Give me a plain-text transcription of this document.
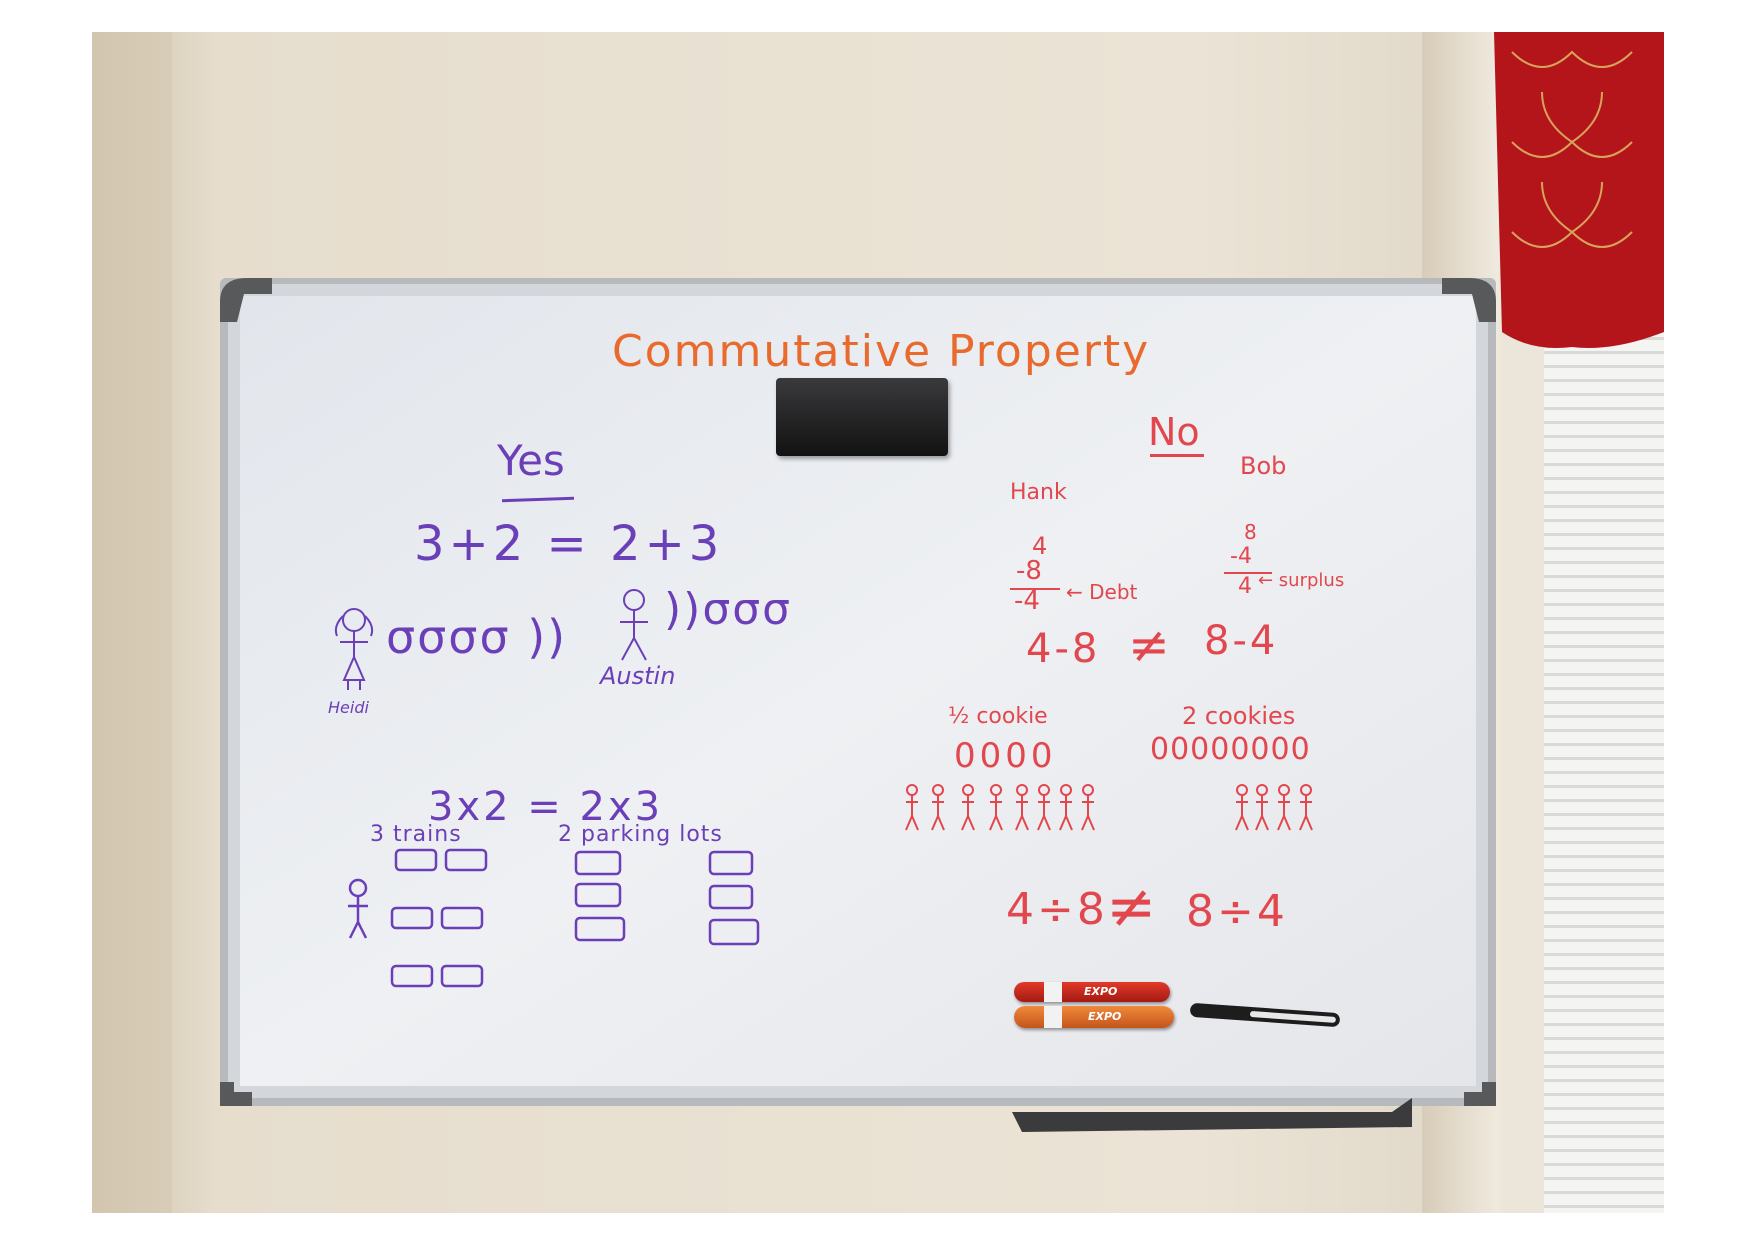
Commutative Property
Yes
3+2 = 2+3
Heidi
σσσσ ))
Austin
))σσσ
3x2 = 2x3
3 trains	2 parking lots
No
Hank
4
-8
-4 ← Debt
Bob
8
-4
4 ← surplus
4-8 ≠ 8-4
½ cookie	2 cookies
0000	00000000
4÷8
≠ 8÷4
EXPO
EXPO
